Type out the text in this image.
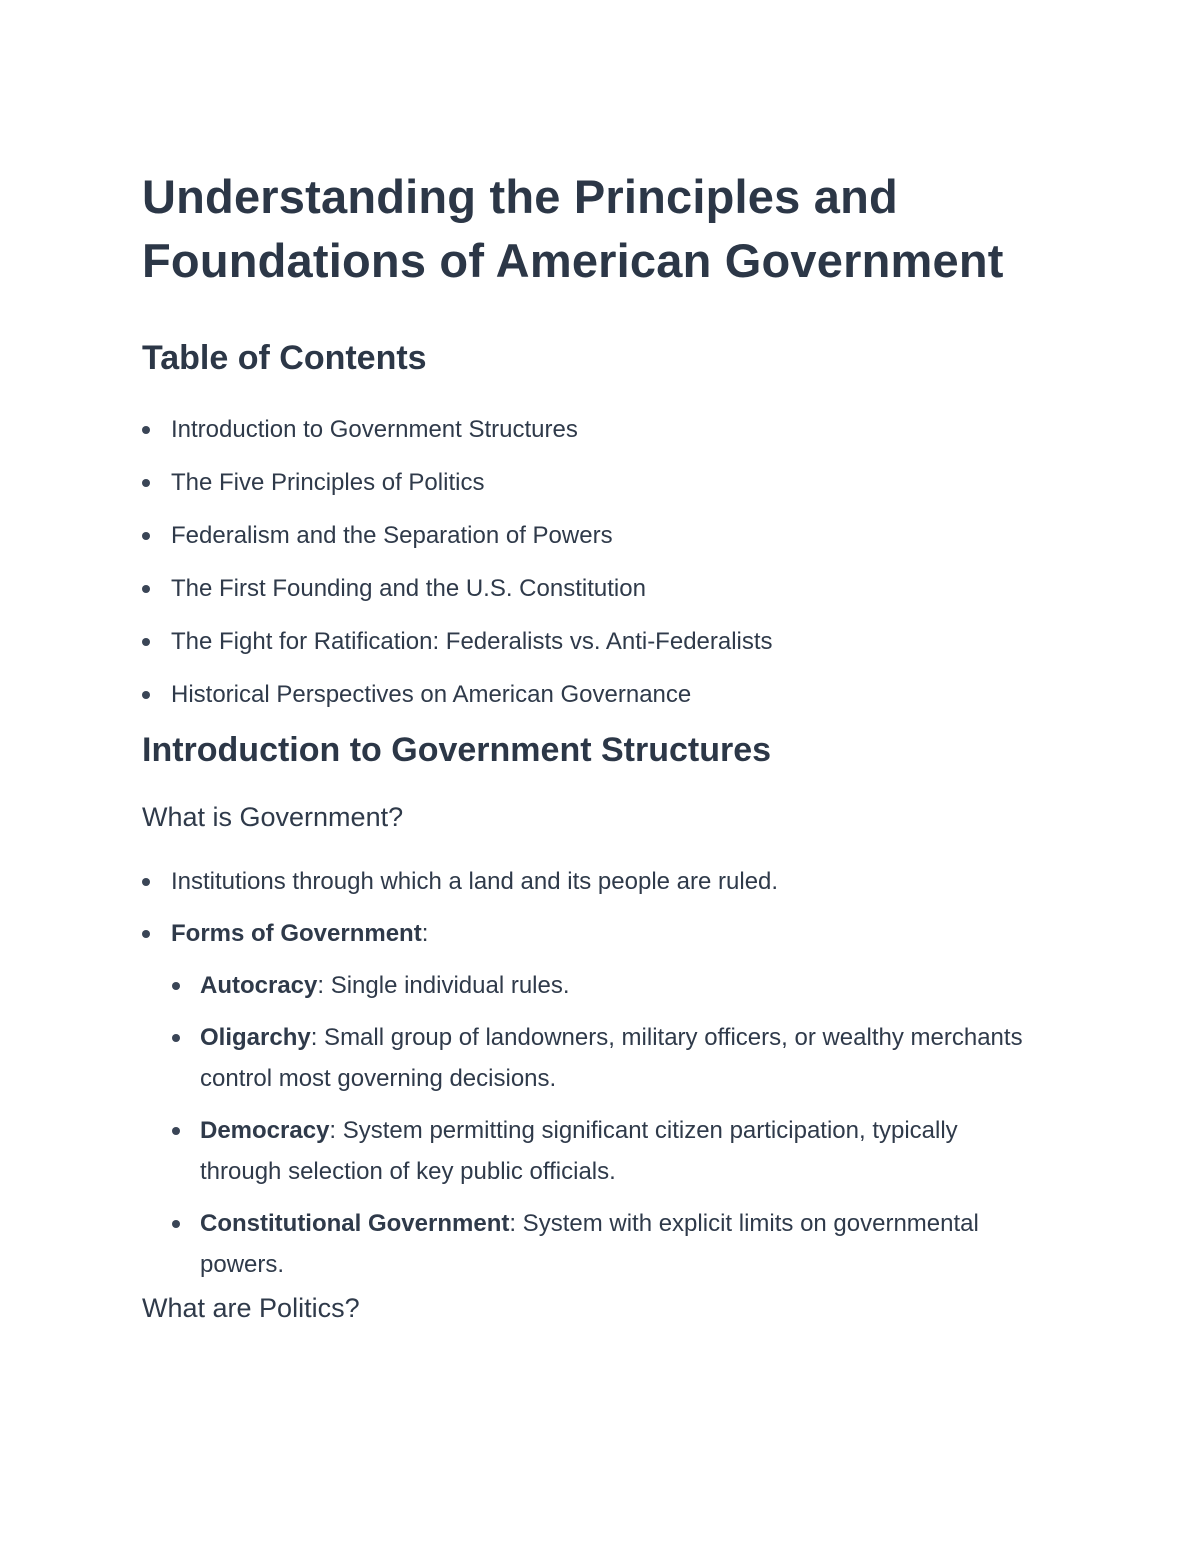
Understanding the Principles and Foundations of American Government
Table of Contents
Introduction to Government Structures
The Five Principles of Politics
Federalism and the Separation of Powers
The First Founding and the U.S. Constitution
The Fight for Ratification: Federalists vs. Anti-Federalists
Historical Perspectives on American Governance
Introduction to Government Structures
What is Government?
Institutions through which a land and its people are ruled.
Forms of Government:
Autocracy: Single individual rules.
Oligarchy: Small group of landowners, military officers, or wealthy merchants control most governing decisions.
Democracy: System permitting significant citizen participation, typically through selection of key public officials.
Constitutional Government: System with explicit limits on governmental powers.
What are Politics?
